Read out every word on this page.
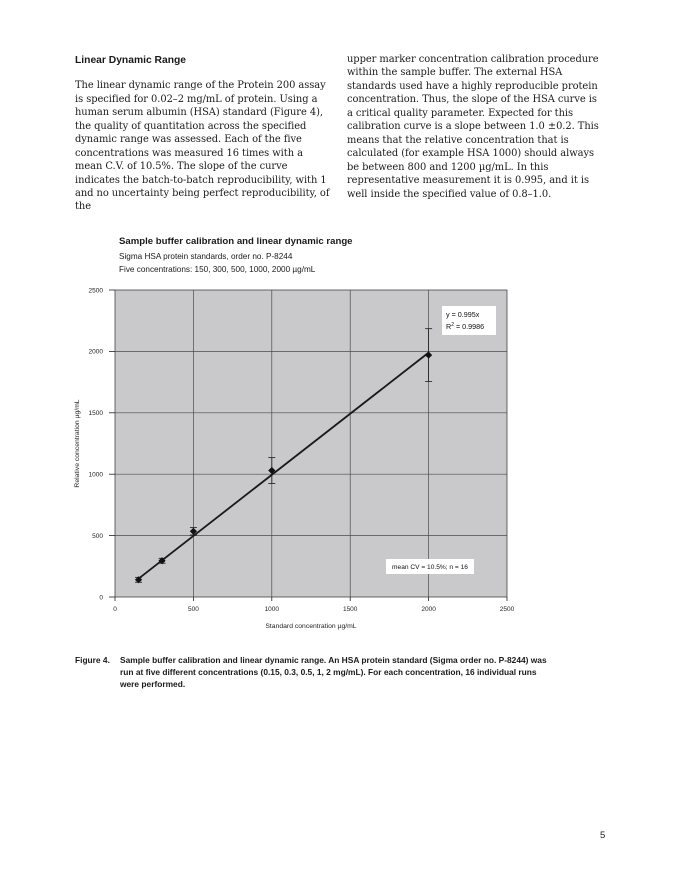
Linear Dynamic Range

The linear dynamic range of the Protein 200 assay is specified for 0.02–2 mg/mL of protein. Using a human serum albumin (HSA) standard (Figure 4), the quality of quantitation across the specified dynamic range was assessed. Each of the five concentrations was measured 16 times with a mean C.V. of 10.5%. The slope of the curve indicates the batch-to-batch reproducibility, with 1 and no uncertainty being perfect reproducibility, of the

upper marker concentration calibration procedure within the sample buffer. The external HSA standards used have a highly reproducible protein concentration. Thus, the slope of the HSA curve is a critical quality parameter. Expected for this calibration curve is a slope between 1.0 ±0.2. This means that the relative concentration that is calculated (for example HSA 1000) should always be between 800 and 1200 µg/mL. In this representative measurement it is 0.995, and it is well inside the specified value of 0.8–1.0.

Sample buffer calibration and linear dynamic range
Sigma HSA protein standards, order no. P-8244
Five concentrations: 150, 300, 500, 1000, 2000 µg/mL
0	500	1000	1500	2000	2500
0
500
1000
1500
2000
2500
Standard concentration µg/mL
Relative concentration µg/mL
y = 0.995x
$R^2 = 0.9986$
mean CV = 10.5%; n = 16
Figure 4. Sample buffer calibration and linear dynamic range. An HSA protein standard (Sigma order no. P-8244) was run at five different concentrations (0.15, 0.3, 0.5, 1, 2 mg/mL). For each concentration, 16 individual runs were performed.
5
